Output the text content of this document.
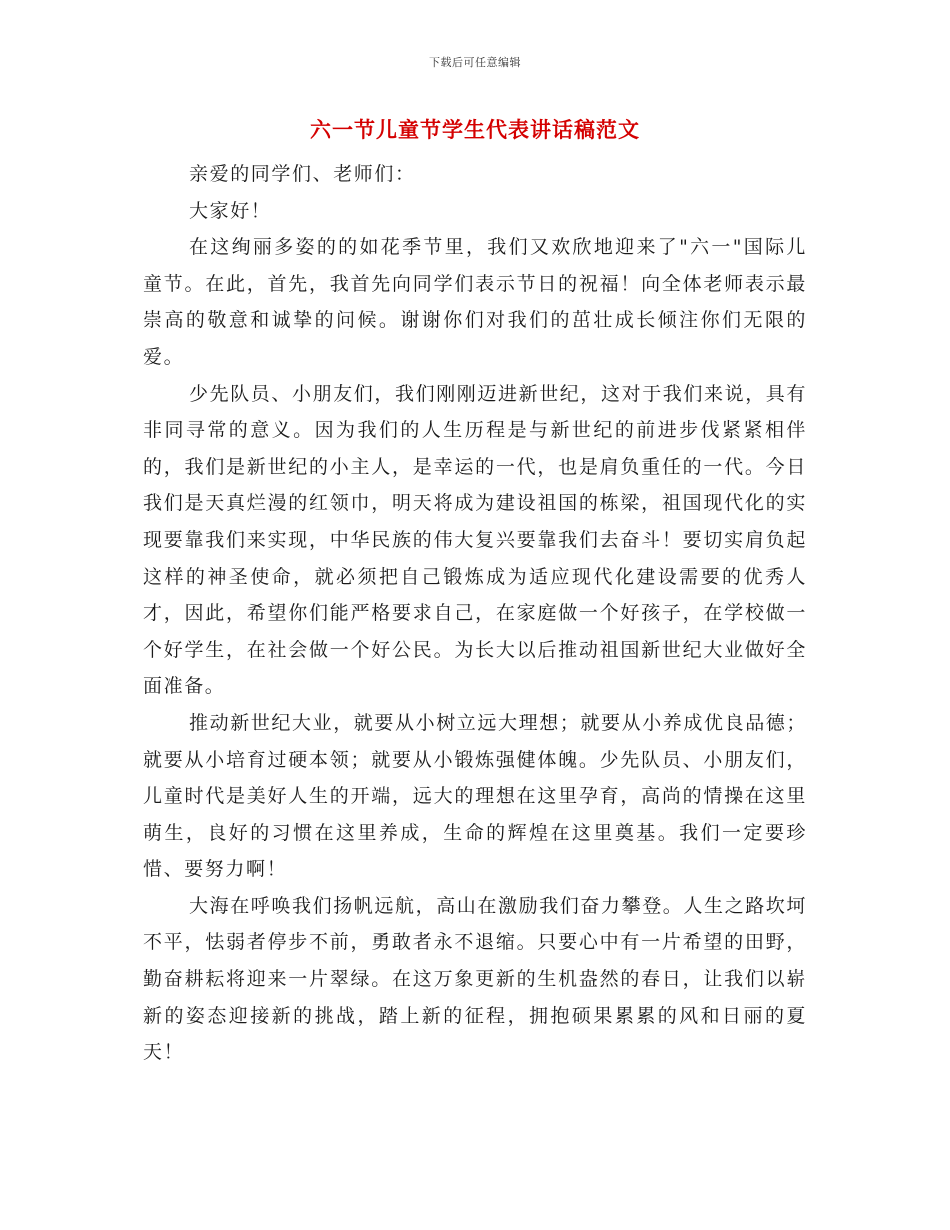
下载后可任意编辑
六一节儿童节学生代表讲话稿范文

亲爱的同学们、老师们：

大家好！

在这绚丽多姿的的如花季节里，我们又欢欣地迎来了"六一"国际儿童节。在此，首先，我首先向同学们表示节日的祝福！向全体老师表示最崇高的敬意和诚挚的问候。谢谢你们对我们的茁壮成长倾注你们无限的爱。

少先队员、小朋友们，我们刚刚迈进新世纪，这对于我们来说，具有非同寻常的意义。因为我们的人生历程是与新世纪的前进步伐紧紧相伴的，我们是新世纪的小主人，是幸运的一代，也是肩负重任的一代。今日我们是天真烂漫的红领巾，明天将成为建设祖国的栋梁，祖国现代化的实现要靠我们来实现，中华民族的伟大复兴要靠我们去奋斗！要切实肩负起这样的神圣使命，就必须把自己锻炼成为适应现代化建设需要的优秀人才，因此，希望你们能严格要求自己，在家庭做一个好孩子，在学校做一个好学生，在社会做一个好公民。为长大以后推动祖国新世纪大业做好全面准备。

推动新世纪大业，就要从小树立远大理想；就要从小养成优良品德；就要从小培育过硬本领；就要从小锻炼强健体魄。少先队员、小朋友们，儿童时代是美好人生的开端，远大的理想在这里孕育，高尚的情操在这里萌生，良好的习惯在这里养成，生命的辉煌在这里奠基。我们一定要珍惜、要努力啊！

大海在呼唤我们扬帆远航，高山在激励我们奋力攀登。人生之路坎坷不平，怯弱者停步不前，勇敢者永不退缩。只要心中有一片希望的田野，勤奋耕耘将迎来一片翠绿。在这万象更新的生机盎然的春日，让我们以崭新的姿态迎接新的挑战，踏上新的征程，拥抱硕果累累的风和日丽的夏天！
